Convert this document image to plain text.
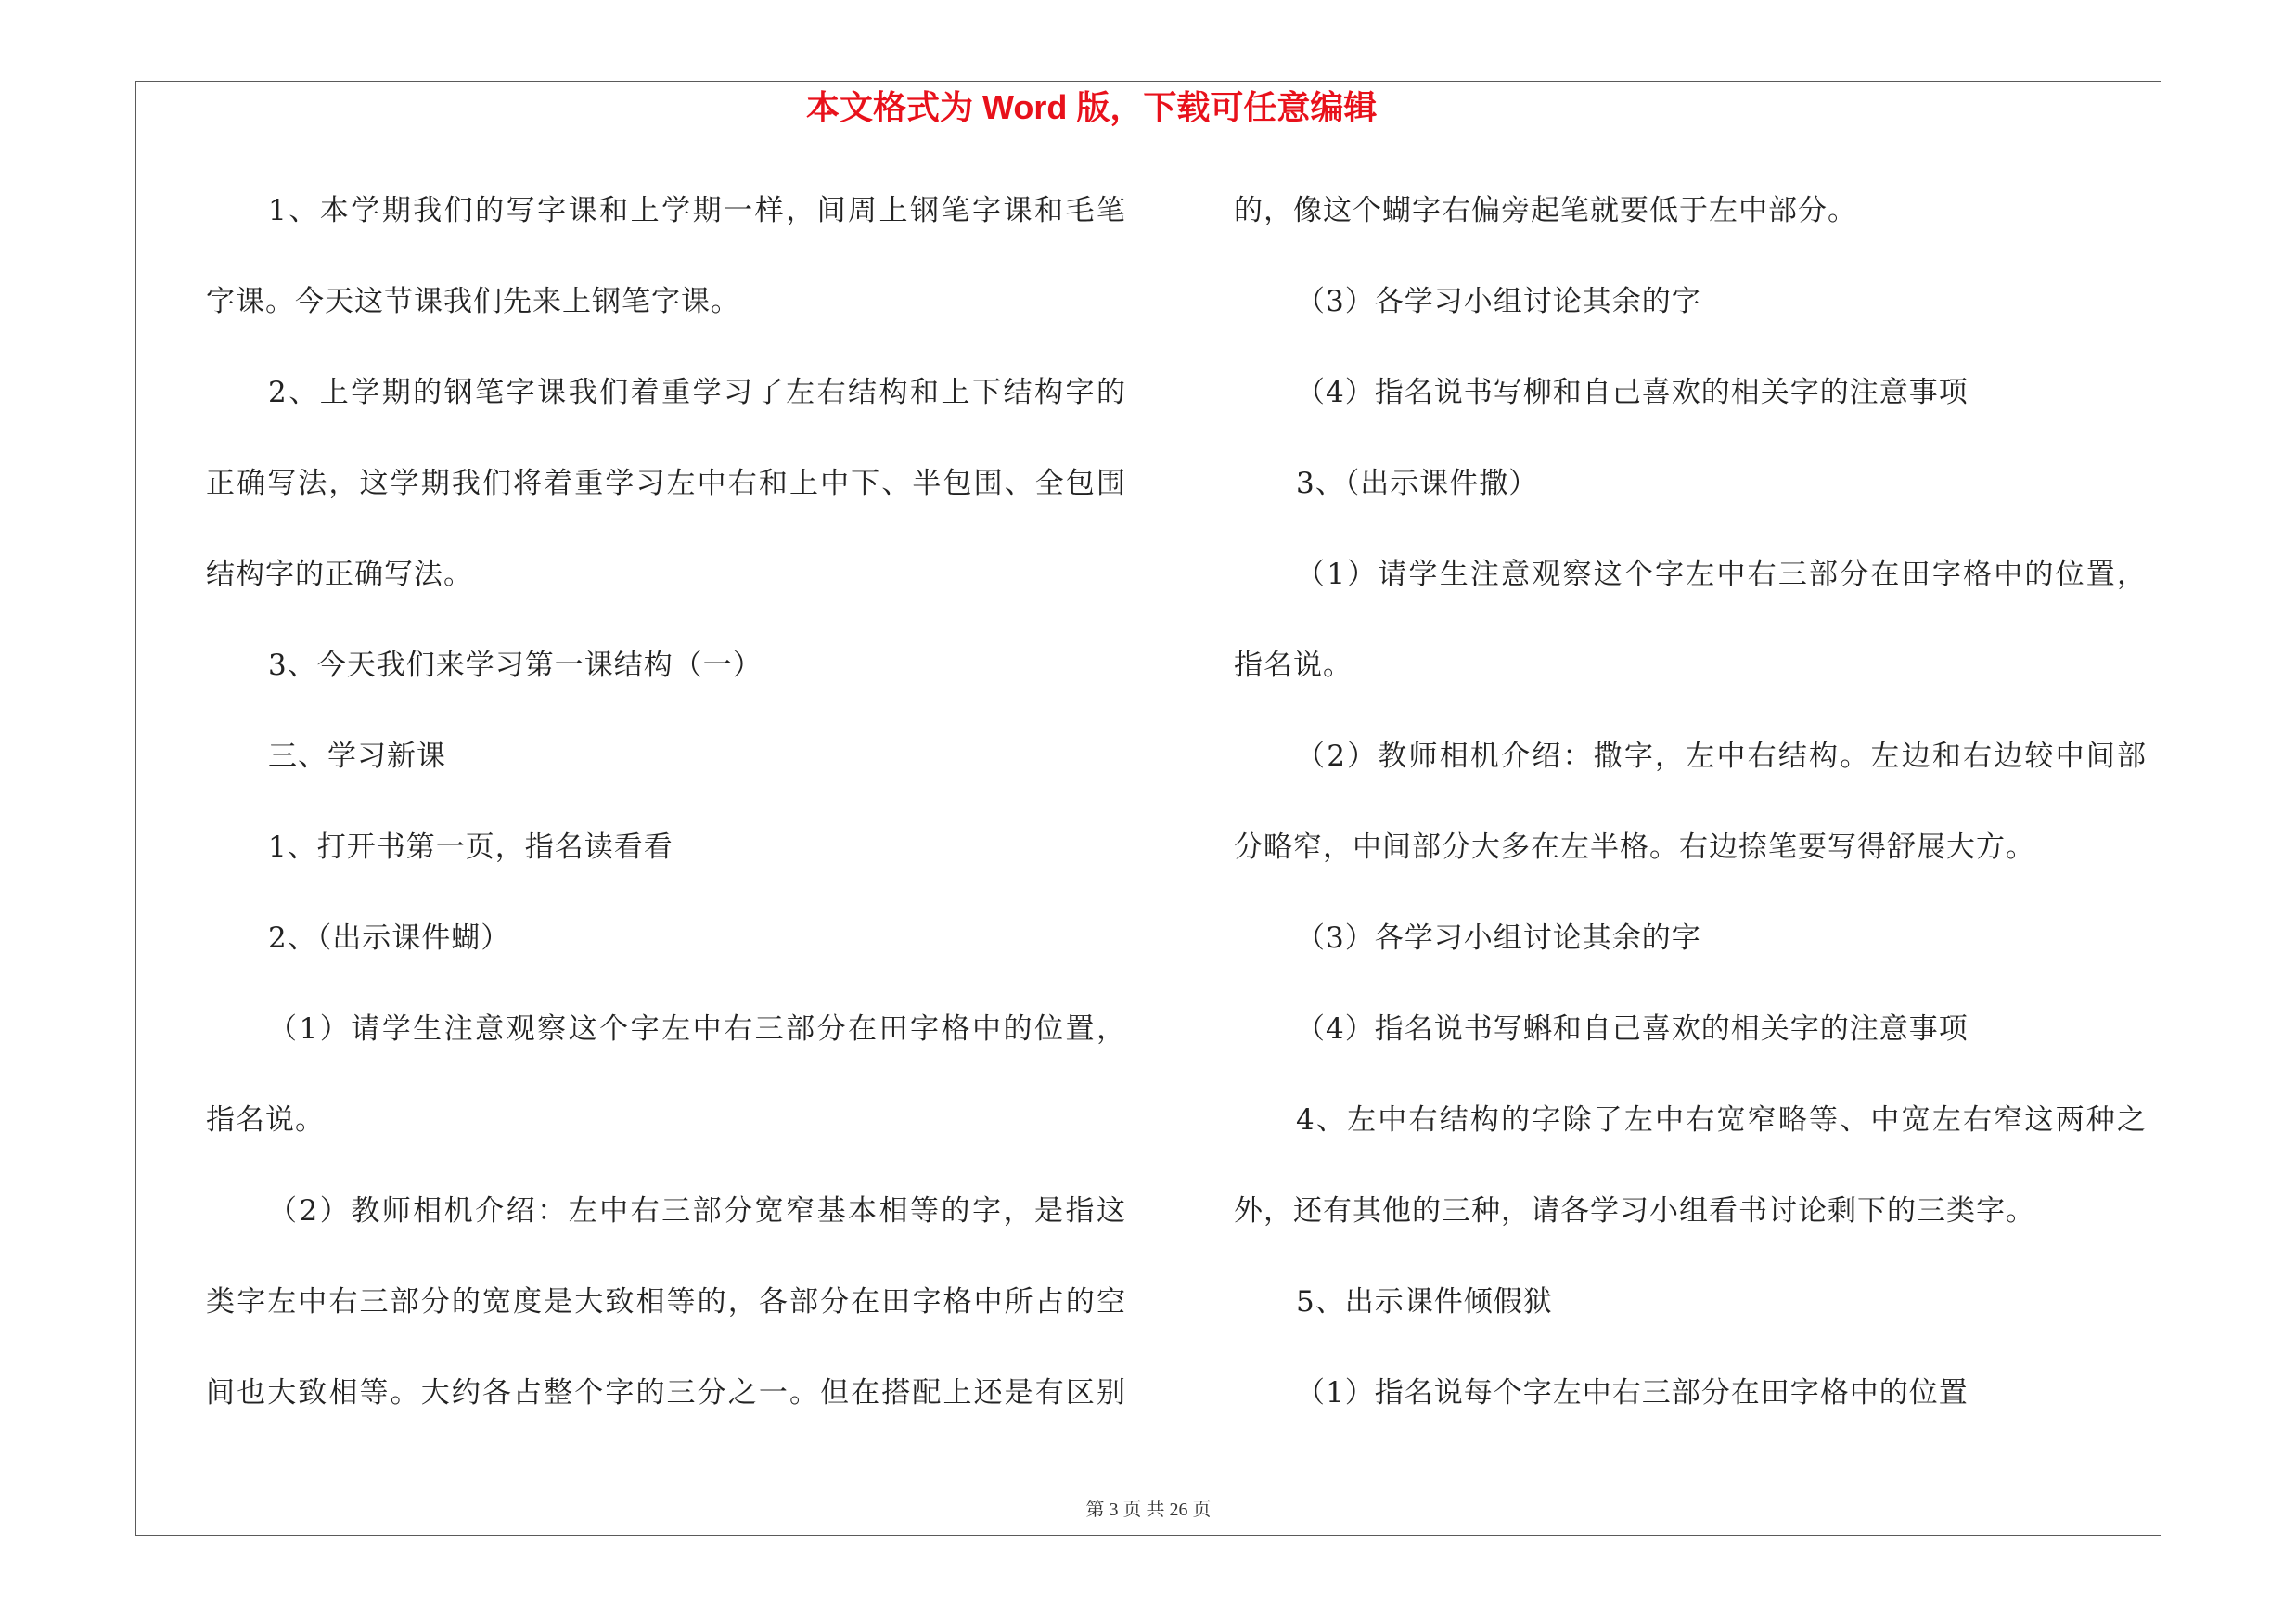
本文格式为 Word 版，下载可任意编辑
1、本学期我们的写字课和上学期一样，间周上钢笔字课和毛笔
字课。今天这节课我们先来上钢笔字课。
2、上学期的钢笔字课我们着重学习了左右结构和上下结构字的
正确写法，这学期我们将着重学习左中右和上中下、半包围、全包围
结构字的正确写法。
3、今天我们来学习第一课结构（一）
三、学习新课
1、打开书第一页，指名读看看
2、（出示课件蝴）
（1）请学生注意观察这个字左中右三部分在田字格中的位置，
指名说。
（2）教师相机介绍：左中右三部分宽窄基本相等的字，是指这
类字左中右三部分的宽度是大致相等的，各部分在田字格中所占的空
间也大致相等。大约各占整个字的三分之一。但在搭配上还是有区别
的，像这个蝴字右偏旁起笔就要低于左中部分。
（3）各学习小组讨论其余的字
（4）指名说书写柳和自己喜欢的相关字的注意事项
3、（出示课件撒）
（1）请学生注意观察这个字左中右三部分在田字格中的位置，
指名说。
（2）教师相机介绍：撒字，左中右结构。左边和右边较中间部
分略窄，中间部分大多在左半格。右边捺笔要写得舒展大方。
（3）各学习小组讨论其余的字
（4）指名说书写蝌和自己喜欢的相关字的注意事项
4、左中右结构的字除了左中右宽窄略等、中宽左右窄这两种之
外，还有其他的三种，请各学习小组看书讨论剩下的三类字。
5、出示课件倾假狱
（1）指名说每个字左中右三部分在田字格中的位置
第 3 页 共 26 页
